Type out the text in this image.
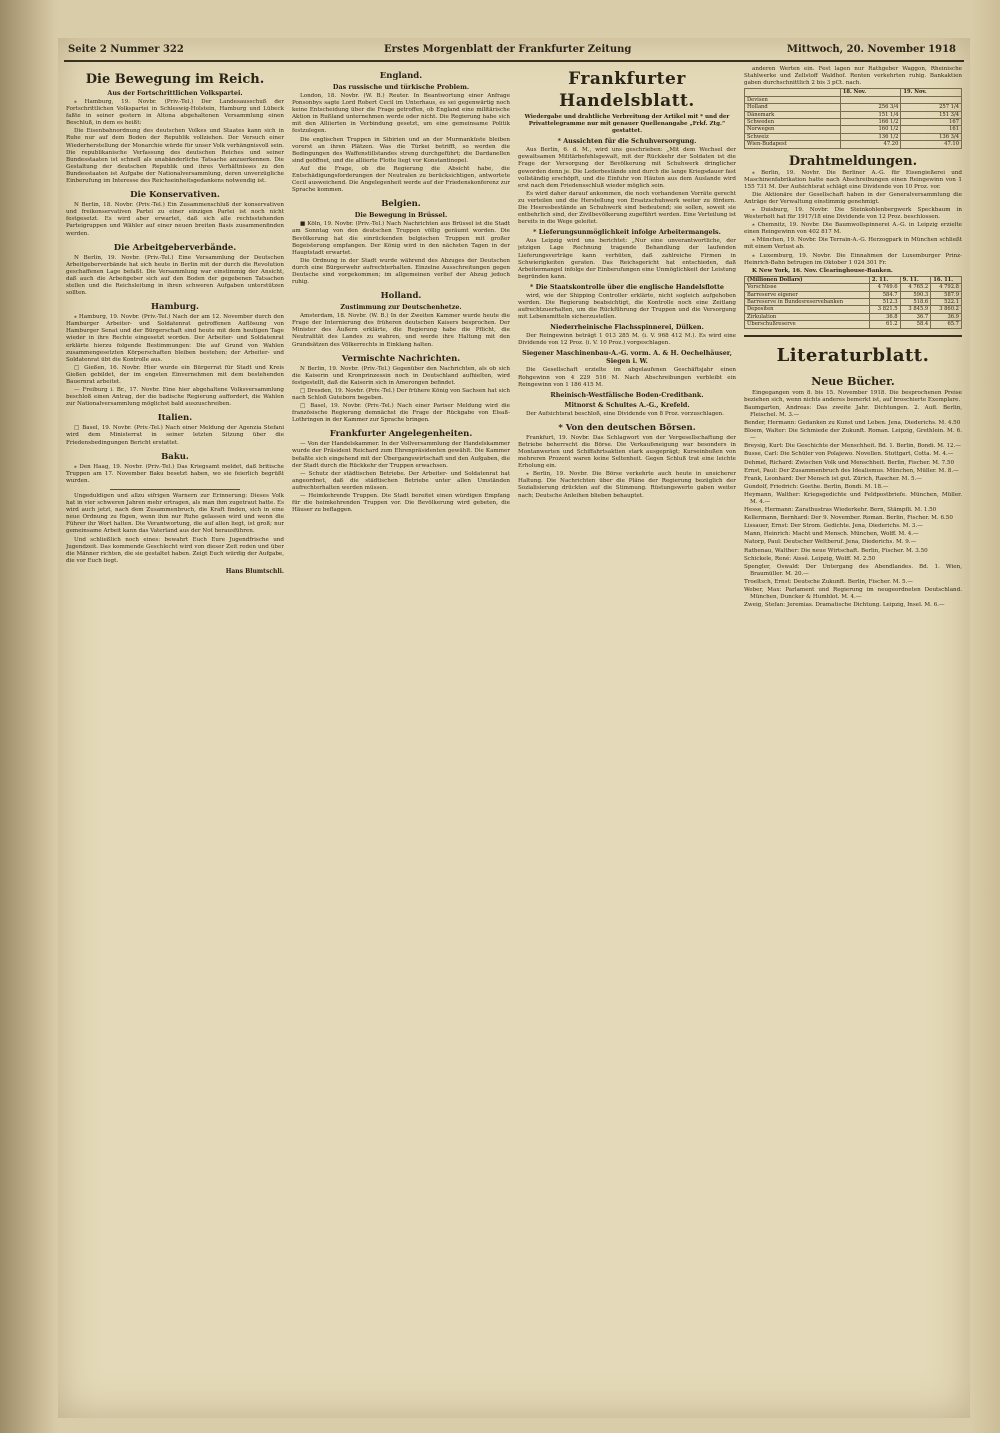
Seite 2 Nummer 322	Erstes Morgenblatt der Frankfurter Zeitung	Mittwoch, 20. November 1918
Die Bewegung im Reich.
Aus der Fortschrittlichen Volkspartei.

⁎ Hamburg, 19. Novbr. (Priv.-Tel.) Der Landesausschuß der Fortschrittlichen Volkspartei in Schleswig-Holstein, Hamburg und Lübeck faßte in seiner gestern in Altona abgehaltenen Versammlung einen Beschluß, in dem es heißt:

Die Eisenbahnordnung des deutschen Volkes und Staates kann sich in Ruhe nur auf dem Boden der Republik vollziehen. Der Versuch einer Wiederherstellung der Monarchie würde für unser Volk verhängnisvoll sein. Die republikanische Verfassung des deutschen Reiches und seiner Bundesstaaten ist schnell als unabänderliche Tatsache anzuerkennen. Die Gestaltung der deutschen Republik und ihres Verhältnisses zu den Bundesstaaten ist Aufgabe der Nationalversammlung, deren unverzügliche Einberufung im Interesse des Reichseinheitsgedankens notwendig ist.

Die Konservativen.

N Berlin, 18. Novbr. (Priv.-Tel.) Ein Zusammenschluß der konservativen und freikonservativen Partei zu einer einzigen Partei ist noch nicht festgesetzt. Es wird aber erwartet, daß sich alle rechtsstehenden Parteigruppen und Wähler auf einer neuen breiten Basis zusammenfinden werden.

Die Arbeitgeberverbände.

N Berlin, 19. Novbr. (Priv.-Tel.) Eine Versammlung der Deutschen Arbeitgeberverbände hat sich heute in Berlin mit der durch die Revolution geschaffenen Lage befaßt. Die Versammlung war einstimmig der Ansicht, daß auch die Arbeitgeber sich auf den Boden der gegebenen Tatsachen stellen und die Reichsleitung in ihren schweren Aufgaben unterstützen sollten.

Hamburg.

⁎ Hamburg, 19. Novbr. (Priv.-Tel.) Nach der am 12. November durch den Hamburger Arbeiter- und Soldatenrat getroffenen Auflösung von Hamburger Senat und der Bürgerschaft sind heute mit dem heutigen Tage wieder in ihre Rechte eingesetzt worden. Der Arbeiter- und Soldatenrat erklärte hierzu folgende Bestimmungen: Die auf Grund von Wahlen zusammengesetzten Körperschaften bleiben bestehen; der Arbeiter- und Soldatenrat übt die Kontrolle aus.

□ Gießen, 16. Novbr. Hier wurde ein Bürgerrat für Stadt und Kreis Gießen gebildet, der im engsten Einvernehmen mit dem bestehenden Bauernrat arbeitet.

— Freiburg i. Br., 17. Novbr. Eine hier abgehaltene Volksversammlung beschloß einen Antrag, der die badische Regierung auffordert, die Wahlen zur Nationalversammlung möglichst bald auszuschreiben.

Italien.

□ Basel, 19. Novbr. (Priv.-Tel.) Nach einer Meldung der Agenzia Stefani wird dem Ministerrat in seiner letzten Sitzung über die Friedensbedingungen Bericht erstattet.

Baku.

⁎ Den Haag, 19. Novbr. (Priv.-Tel.) Das Kriegsamt meldet, daß britische Truppen am 17. November Baku besetzt haben, wo sie feierlich begrüßt wurden.

Ungeduldigen und allzu eifrigen Warnern zur Erinnerung: Dieses Volk hat in vier schweren Jahren mehr ertragen, als man ihm zugetraut hatte. Es wird auch jetzt, nach dem Zusammenbruch, die Kraft finden, sich in eine neue Ordnung zu fügen, wenn ihm nur Ruhe gelassen wird und wenn die Führer ihr Wort halten. Die Verantwortung, die auf allen liegt, ist groß; nur gemeinsame Arbeit kann das Vaterland aus der Not herausführen.

Und schließlich noch eines: bewahrt Euch Eure Jugendfrische und Jugendzeit. Das kommende Geschlecht wird von dieser Zeit reden und über die Männer richten, die sie gestaltet haben. Zeigt Euch würdig der Aufgabe, die vor Euch liegt.

Hans Blumtschli.
England.
Das russische und türkische Problem.

London, 18. Novbr. (W. B.) Reuter. In Beantwortung einer Anfrage Ponsonbys sagte Lord Robert Cecil im Unterhaus, es sei gegenwärtig noch keine Entscheidung über die Frage getroffen, ob England eine militärische Aktion in Rußland unternehmen werde oder nicht. Die Regierung habe sich mit den Alliierten in Verbindung gesetzt, um eine gemeinsame Politik festzulegen.

Die englischen Truppen in Sibirien und an der Murmanküste bleiben vorerst an ihren Plätzen. Was die Türkei betrifft, so werden die Bedingungen des Waffenstillstandes streng durchgeführt; die Dardanellen sind geöffnet, und die alliierte Flotte liegt vor Konstantinopel.

Auf die Frage, ob die Regierung die Absicht habe, die Entschädigungsforderungen der Neutralen zu berücksichtigen, antwortete Cecil ausweichend. Die Angelegenheit werde auf der Friedenskonferenz zur Sprache kommen.

Belgien.
Die Bewegung in Brüssel.

■ Köln, 19. Novbr. (Priv.-Tel.) Nach Nachrichten aus Brüssel ist die Stadt am Sonntag von den deutschen Truppen völlig geräumt worden. Die Bevölkerung hat die einrückenden belgischen Truppen mit großer Begeisterung empfangen. Der König wird in den nächsten Tagen in der Hauptstadt erwartet.

Die Ordnung in der Stadt wurde während des Abzuges der Deutschen durch eine Bürgerwehr aufrechterhalten. Einzelne Ausschreitungen gegen Deutsche sind vorgekommen; im allgemeinen verlief der Abzug jedoch ruhig.

Holland.
Zustimmung zur Deutschenhetze.

Amsterdam, 18. Novbr. (W. B.) In der Zweiten Kammer wurde heute die Frage der Internierung des früheren deutschen Kaisers besprochen. Der Minister des Äußern erklärte, die Regierung habe die Pflicht, die Neutralität des Landes zu wahren, und werde ihre Haltung mit den Grundsätzen des Völkerrechts in Einklang halten.

Vermischte Nachrichten.

N Berlin, 19. Novbr. (Priv.-Tel.) Gegenüber den Nachrichten, als ob sich die Kaiserin und Kronprinzessin noch in Deutschland aufhielten, wird festgestellt, daß die Kaiserin sich in Amerongen befindet.

□ Dresden, 19. Novbr. (Priv.-Tel.) Der frühere König von Sachsen hat sich nach Schloß Guteborn begeben.

□ Basel, 19. Novbr. (Priv.-Tel.) Nach einer Pariser Meldung wird die französische Regierung demnächst die Frage der Rückgabe von Elsaß-Lothringen in der Kammer zur Sprache bringen.

Frankfurter Angelegenheiten.

— Von der Handelskammer. In der Vollversammlung der Handelskammer wurde der Präsident Reichard zum Ehrenpräsidenten gewählt. Die Kammer befaßte sich eingehend mit der Übergangswirtschaft und den Aufgaben, die der Stadt durch die Rückkehr der Truppen erwachsen.

— Schutz der städtischen Betriebe. Der Arbeiter- und Soldatenrat hat angeordnet, daß die städtischen Betriebe unter allen Umständen aufrechterhalten werden müssen.

— Heimkehrende Truppen. Die Stadt bereitet einen würdigen Empfang für die heimkehrenden Truppen vor. Die Bevölkerung wird gebeten, die Häuser zu beflaggen.

Frankfurter Handelsblatt.

Wiedergabe und drahtliche Verbreitung der Artikel mit * und der Privattelegramme nur mit genauer Quellenangabe „Frkf. Ztg.“ gestattet.

* Aussichten für die Schuhversorgung.

Aus Berlin, 6. d. M., wird uns geschrieben: „Mit dem Wechsel der gewaltsamen Militärbefehlsgewalt, mit der Rückkehr der Soldaten ist die Frage der Versorgung der Bevölkerung mit Schuhwerk dringlicher geworden denn je. Die Lederbestände sind durch die lange Kriegsdauer fast vollständig erschöpft, und die Einfuhr von Häuten aus dem Auslande wird erst nach dem Friedensschluß wieder möglich sein.

Es wird daher darauf ankommen, die noch vorhandenen Vorräte gerecht zu verteilen und die Herstellung von Ersatzschuhwerk weiter zu fördern. Die Heeresbestände an Schuhwerk sind bedeutend; sie sollen, soweit sie entbehrlich sind, der Zivilbevölkerung zugeführt werden. Eine Verteilung ist bereits in die Wege geleitet.

* Lieferungsunmöglichkeit infolge Arbeitermangels.

Aus Leipzig wird uns berichtet: „Nur eine unverantwortliche, der jetzigen Lage Rechnung tragende Behandlung der laufenden Lieferungsverträge kann verhüten, daß zahlreiche Firmen in Schwierigkeiten geraten. Das Reichsgericht hat entschieden, daß Arbeitermangel infolge der Einberufungen eine Unmöglichkeit der Leistung begründen kann.

* Die Staatskontrolle über die englische Handelsflotte

wird, wie der Shipping Controller erklärte, nicht sogleich aufgehoben werden. Die Regierung beabsichtigt, die Kontrolle noch eine Zeitlang aufrechtzuerhalten, um die Rückführung der Truppen und die Versorgung mit Lebensmitteln sicherzustellen.

Niederrheinische Flachsspinnerei, Dülken.

Der Reingewinn beträgt 1 013 285 M. (i. V. 968 412 M.). Es wird eine Dividende von 12 Proz. (i. V. 10 Proz.) vorgeschlagen.

Siegener Maschinenbau-A.-G. vorm. A. & H. Oechelhäuser, Siegen i. W.

Die Gesellschaft erzielte im abgelaufenen Geschäftsjahr einen Rohgewinn von 4 229 516 M. Nach Abschreibungen verbleibt ein Reingewinn von 1 186 415 M.

Rheinisch-Westfälische Boden-Creditbank.
Mitnorst & Schultes A.-G., Krefeld.

Der Aufsichtsrat beschloß, eine Dividende von 8 Proz. vorzuschlagen.

* Von den deutschen Börsen.

Frankfurt, 19. Novbr. Das Schlagwort von der Vergesellschaftung der Betriebe beherrscht die Börse. Die Verkaufsneigung war besonders in Montanwerten und Schiffahrtsaktien stark ausgeprägt; Kurseinbußen von mehreren Prozent waren keine Seltenheit. Gegen Schluß trat eine leichte Erholung ein.

⁎ Berlin, 19. Novbr. Die Börse verkehrte auch heute in unsicherer Haltung. Die Nachrichten über die Pläne der Regierung bezüglich der Sozialisierung drückten auf die Stimmung. Rüstungswerte gaben weiter nach; Deutsche Anleihen blieben behauptet.

anderen Werten ein. Fest lagen nur Rathgeber Waggon, Rheinische Stahlwerke und Zellstoff Waldhof. Renten verkehrten ruhig. Bankaktien gaben durchschnittlich 2 bis 3 pCt. nach.

	18. Nov.	19. Nov.
Devisen		
Holland	256 3/4	257 1/4
Dänemark	151 1/4	151 3/4
Schweden	166 1/2	167
Norwegen	160 1/2	161
Schweiz	136 1/2	136 3/4
Wien-Budapest	47.20	47.10
Drahtmeldungen.

⁎ Berlin, 19. Novbr. Die Berliner A.-G. für Eisengießerei und Maschinenfabrikation hatte nach Abschreibungen einen Reingewinn von 1 155 731 M. Der Aufsichtsrat schlägt eine Dividende von 10 Proz. vor.

Die Aktionäre der Gesellschaft haben in der Generalversammlung die Anträge der Verwaltung einstimmig genehmigt.

⁎ Duisburg, 19. Novbr. Die Steinkohlenbergwerk Speckbaum in Westerholt hat für 1917/18 eine Dividende von 12 Proz. beschlossen.

⁎ Chemnitz, 19. Novbr. Die Baumwollspinnerei A.-G. in Leipzig erzielte einen Reingewinn von 402 817 M.

⁎ München, 19. Novbr. Die Terrain-A.-G. Herzogpark in München schließt mit einem Verlust ab.

⁎ Luxemburg, 19. Novbr. Die Einnahmen der Luxemburger Prinz-Heinrich-Bahn betrugen im Oktober 1 024 301 Fr.

K New York, 16. Nov. Clearinghouse-Banken.

(Millionen Dollars)	2. 11.	9. 11.	16. 11.
Vorschüsse	4 749.6	4 765.2	4 792.8
Barreserve eigener	584.7	590.3	587.9
Barreserve in Bundesreservebanken	512.3	518.6	522.1
Depositen	3 821.5	3 845.9	3 860.2
Zirkulation	36.8	36.7	36.9
Überschußreserve	61.2	58.4	65.7
Literaturblatt.
Neue Bücher.

Eingegangen vom 8. bis 15. November 1918. Die besprochenen Preise beziehen sich, wenn nichts anderes bemerkt ist, auf broschierte Exemplare.

Baumgarten, Andreas: Das zweite Jahr. Dichtungen. 2. Aufl. Berlin, Fleischel. M. 3.—

Bender, Hermann: Gedanken zu Kunst und Leben. Jena, Diederichs. M. 4.50

Bloem, Walter: Die Schmiede der Zukunft. Roman. Leipzig, Grethlein. M. 6.—

Breysig, Kurt: Die Geschichte der Menschheit. Bd. 1. Berlin, Bondi. M. 12.—

Busse, Carl: Die Schüler von Polajewo. Novellen. Stuttgart, Cotta. M. 4.—

Dehmel, Richard: Zwischen Volk und Menschheit. Berlin, Fischer. M. 7.50

Ernst, Paul: Der Zusammenbruch des Idealismus. München, Müller. M. 8.—

Frank, Leonhard: Der Mensch ist gut. Zürich, Rascher. M. 5.—

Gundolf, Friedrich: Goethe. Berlin, Bondi. M. 18.—

Heymann, Walther: Kriegsgedichte und Feldpostbriefe. München, Müller. M. 4.—

Hesse, Hermann: Zarathustras Wiederkehr. Bern, Stämpfli. M. 1.50

Kellermann, Bernhard: Der 9. November. Roman. Berlin, Fischer. M. 6.50

Lissauer, Ernst: Der Strom. Gedichte. Jena, Diederichs. M. 3.—

Mann, Heinrich: Macht und Mensch. München, Wolff. M. 4.—

Natorp, Paul: Deutscher Weltberuf. Jena, Diederichs. M. 9.—

Rathenau, Walther: Die neue Wirtschaft. Berlin, Fischer. M. 3.50

Schickele, René: Aissé. Leipzig, Wolff. M. 2.50

Spengler, Oswald: Der Untergang des Abendlandes. Bd. 1. Wien, Braumüller. M. 20.—

Troeltsch, Ernst: Deutsche Zukunft. Berlin, Fischer. M. 5.—

Weber, Max: Parlament und Regierung im neugeordneten Deutschland. München, Duncker & Humblot. M. 4.—

Zweig, Stefan: Jeremias. Dramatische Dichtung. Leipzig, Insel. M. 6.—
